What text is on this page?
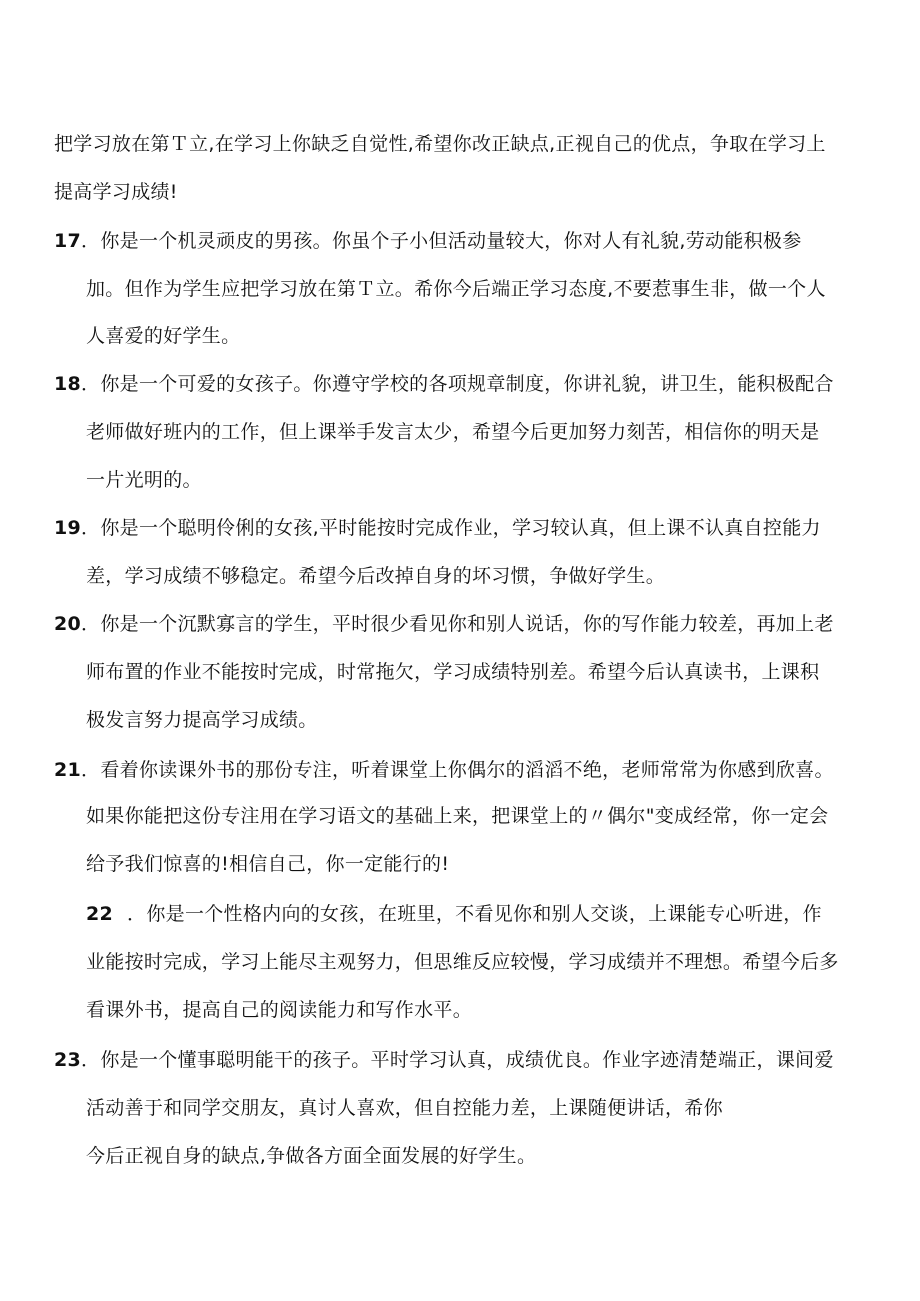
把学习放在第Ｔ立,在学习上你缺乏自觉性,希望你改正缺点,正视自己的优点，争取在学习上
提高学习成绩!
17．你是一个机灵顽皮的男孩。你虽个子小但活动量较大，你对人有礼貌,劳动能积极参
加。但作为学生应把学习放在第Ｔ立。希你今后端正学习态度,不要惹事生非，做一个人
人喜爱的好学生。
18．你是一个可爱的女孩子。你遵守学校的各项规章制度，你讲礼貌，讲卫生，能积极配合
老师做好班内的工作，但上课举手发言太少，希望今后更加努力刻苦，相信你的明天是
一片光明的。
19．你是一个聪明伶俐的女孩,平时能按时完成作业，学习较认真，但上课不认真自控能力
差，学习成绩不够稳定。希望今后改掉自身的坏习惯，争做好学生。
20．你是一个沉默寡言的学生，平时很少看见你和别人说话，你的写作能力较差，再加上老
师布置的作业不能按时完成，时常拖欠，学习成绩特别差。希望今后认真读书，上课积
极发言努力提高学习成绩。
21．看着你读课外书的那份专注，听着课堂上你偶尔的滔滔不绝，老师常常为你感到欣喜。
如果你能把这份专注用在学习语文的基础上来，把课堂上的〃偶尔"变成经常，你一定会
给予我们惊喜的!相信自己，你一定能行的!
22 ．你是一个性格内向的女孩，在班里，不看见你和别人交谈，上课能专心听进，作
业能按时完成，学习上能尽主观努力，但思维反应较慢，学习成绩并不理想。希望今后多
看课外书，提高自己的阅读能力和写作水平。
23．你是一个懂事聪明能干的孩子。平时学习认真，成绩优良。作业字迹清楚端正，课间爱
活动善于和同学交朋友，真讨人喜欢，但自控能力差，上课随便讲话，希你
今后正视自身的缺点,争做各方面全面发展的好学生。
